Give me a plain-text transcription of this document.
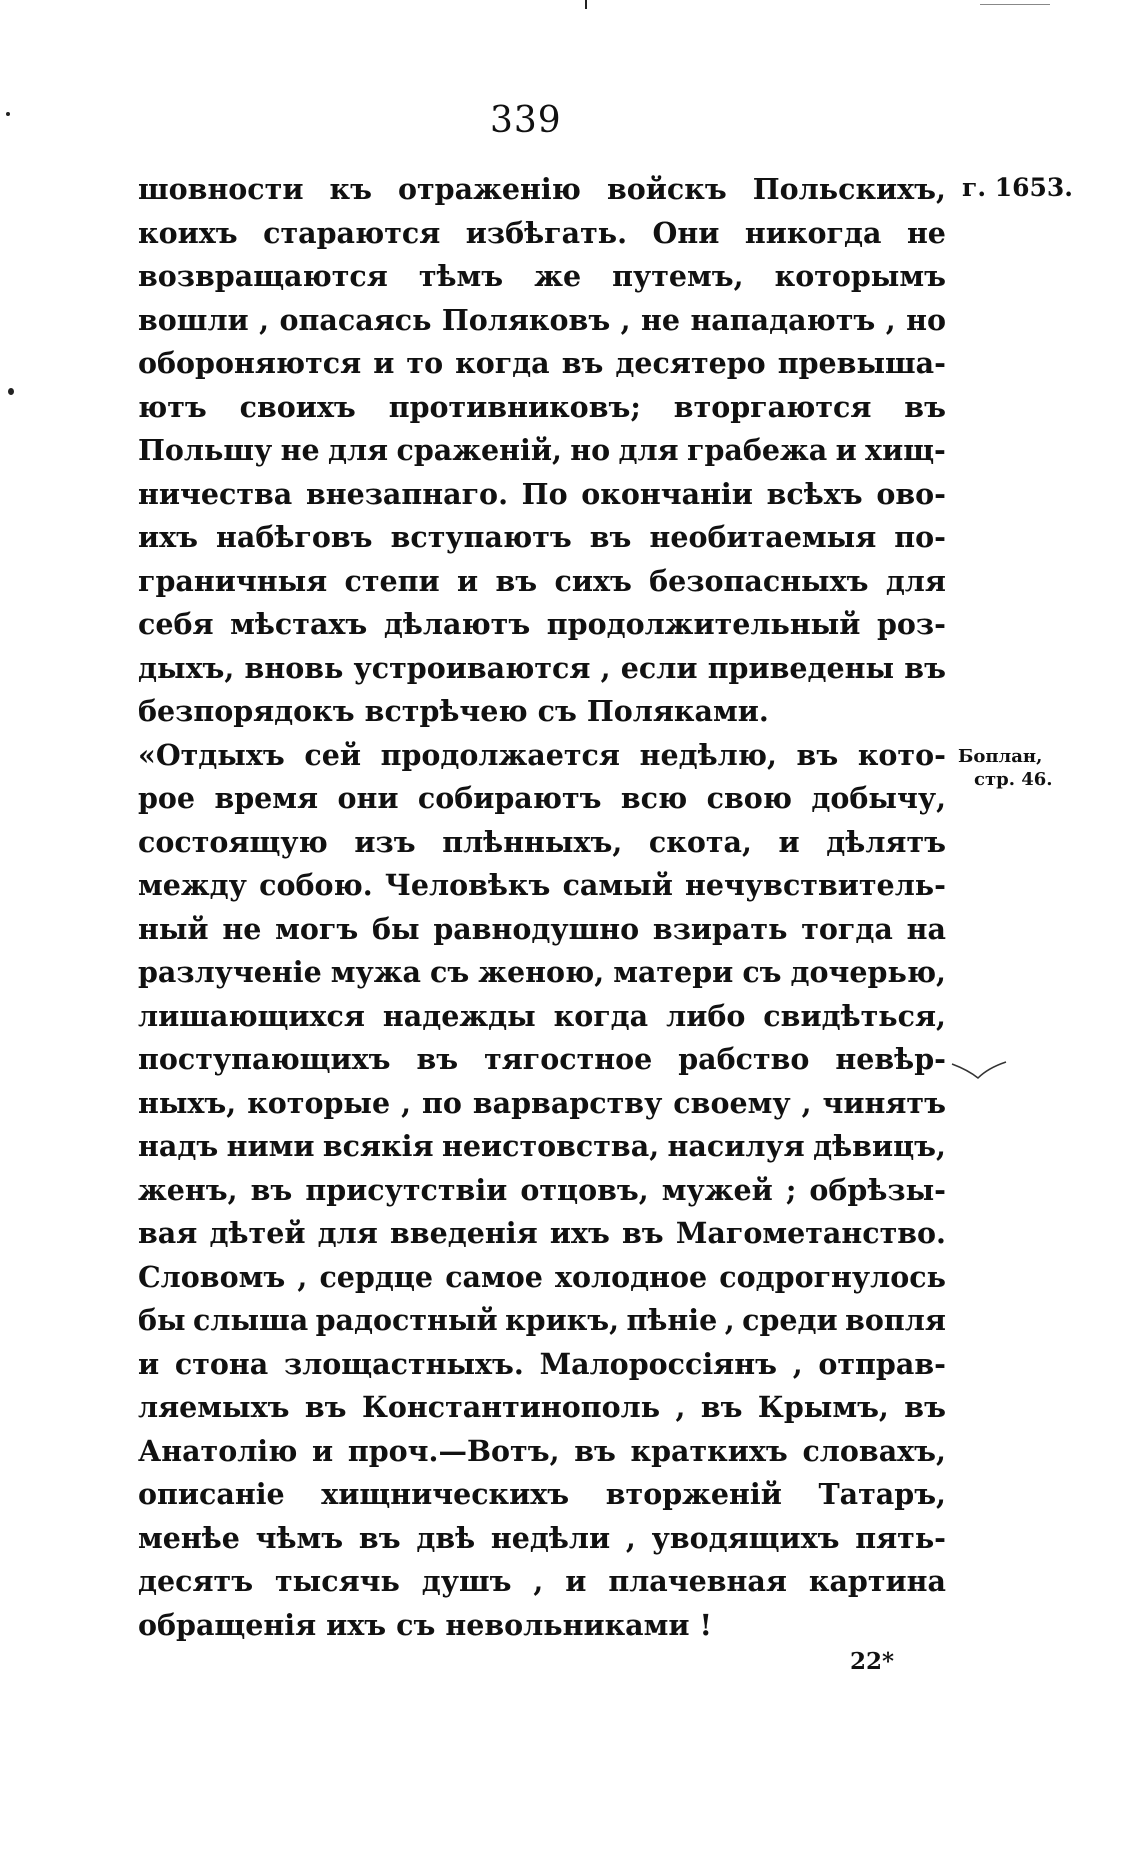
339
г. 1653.
Боплан,
стр. 46.
шовности къ отраженію войскъ Польскихъ,
коихъ стараются избѣгать. Они никогда не
возвращаются тѣмъ же путемъ, которымъ
вошли , опасаясь Поляковъ , не нападаютъ , но
обороняются и то когда въ десятеро превыша-
ютъ своихъ противниковъ; вторгаются въ
Польшу не для сраженій, но для грабежа и хищ-
ничества внезапнаго. По окончаніи всѣхъ ово-
ихъ набѣговъ вступаютъ въ необитаемыя по-
граничныя степи и въ сихъ безопасныхъ для
себя мѣстахъ дѣлаютъ продолжительный роз-
дыхъ, вновь устроиваются , если приведены въ
безпорядокъ встрѣчею съ Поляками.
«Отдыхъ сей продолжается недѣлю, въ кото-
рое время они собираютъ всю свою добычу,
состоящую изъ плѣнныхъ, скота, и дѣлятъ
между собою. Человѣкъ самый нечувствитель-
ный не могъ бы равнодушно взирать тогда на
разлученіе мужа съ женою, матери съ дочерью,
лишающихся надежды когда либо свидѣться,
поступающихъ въ тягостное рабство невѣр-
ныхъ, которые , по варварству своему , чинятъ
надъ ними всякія неистовства, насилуя дѣвицъ,
женъ, въ присутствіи отцовъ, мужей ; обрѣзы-
вая дѣтей для введенія ихъ въ Магометанство.
Словомъ , сердце самое холодное содрогнулось
бы слыша радостный крикъ, пѣніе , среди вопля
и стона злощастныхъ. Малороссіянъ , отправ-
ляемыхъ въ Константинополь , въ Крымъ, въ
Анатолію и проч.—Вотъ, въ краткихъ словахъ,
описаніе хищническихъ вторженій Татаръ,
менѣе чѣмъ въ двѣ недѣли , уводящихъ пять-
десятъ тысячь душъ , и плачевная картина
обращенія ихъ съ невольниками !
22*
